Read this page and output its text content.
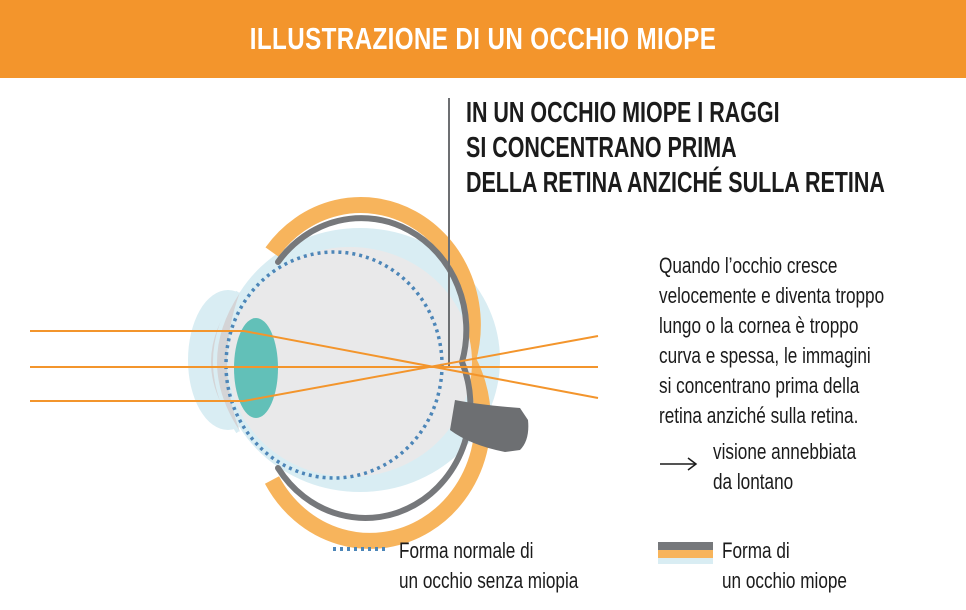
ILLUSTRAZIONE DI UN OCCHIO MIOPE
IN UN OCCHIO MIOPE I RAGGI
SI CONCENTRANO PRIMA
DELLA RETINA ANZICHÉ SULLA RETINA
Quando l’occhio cresce
velocemente e diventa troppo
lungo o la cornea è troppo
curva e spessa, le immagini
si concentrano prima della
retina anziché sulla retina.
visione annebbiata
da lontano
Forma normale di
un occhio senza miopia
Forma di
un occhio miope
